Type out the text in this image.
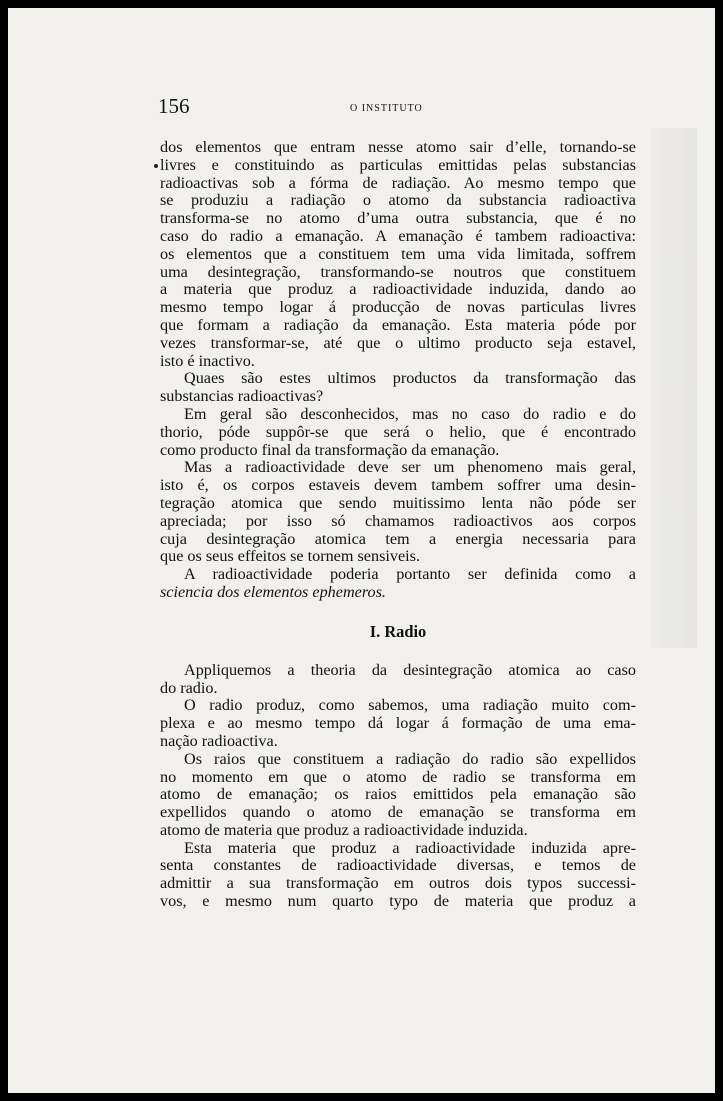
156	O INSTITUTO
dos elementos que entram nesse atomo sair d’elle, tornando-se
livres e constituindo as particulas emittidas pelas substancias
radioactivas sob a fórma de radiação. Ao mesmo tempo que
se produziu a radiação o atomo da substancia radioactiva
transforma-se no atomo d’uma outra substancia, que é no
caso do radio a emanação. A emanação é tambem radioactiva:
os elementos que a constituem tem uma vida limitada, soffrem
uma desintegração, transformando-se noutros que constituem
a materia que produz a radioactividade induzida, dando ao
mesmo tempo logar á producção de novas particulas livres
que formam a radiação da emanação. Esta materia póde por
vezes transformar-se, até que o ultimo producto seja estavel,
isto é inactivo.
Quaes são estes ultimos productos da transformação das
substancias radioactivas?
Em geral são desconhecidos, mas no caso do radio e do
thorio, póde suppôr-se que será o helio, que é encontrado
como producto final da transformação da emanação.
Mas a radioactividade deve ser um phenomeno mais geral,
isto é, os corpos estaveis devem tambem soffrer uma desin-
tegração atomica que sendo muitissimo lenta não póde ser
apreciada; por isso só chamamos radioactivos aos corpos
cuja desintegração atomica tem a energia necessaria para
que os seus effeitos se tornem sensiveis.
A radioactividade poderia portanto ser definida como a
sciencia dos elementos ephemeros.
I. Radio
Appliquemos a theoria da desintegração atomica ao caso
do radio.
O radio produz, como sabemos, uma radiação muito com-
plexa e ao mesmo tempo dá logar á formação de uma ema-
nação radioactiva.
Os raios que constituem a radiação do radio são expellidos
no momento em que o atomo de radio se transforma em
atomo de emanação; os raios emittidos pela emanação são
expellidos quando o atomo de emanação se transforma em
atomo de materia que produz a radioactividade induzida.
Esta materia que produz a radioactividade induzida apre-
senta constantes de radioactividade diversas, e temos de
admittir a sua transformação em outros dois typos successi-
vos, e mesmo num quarto typo de materia que produz a
